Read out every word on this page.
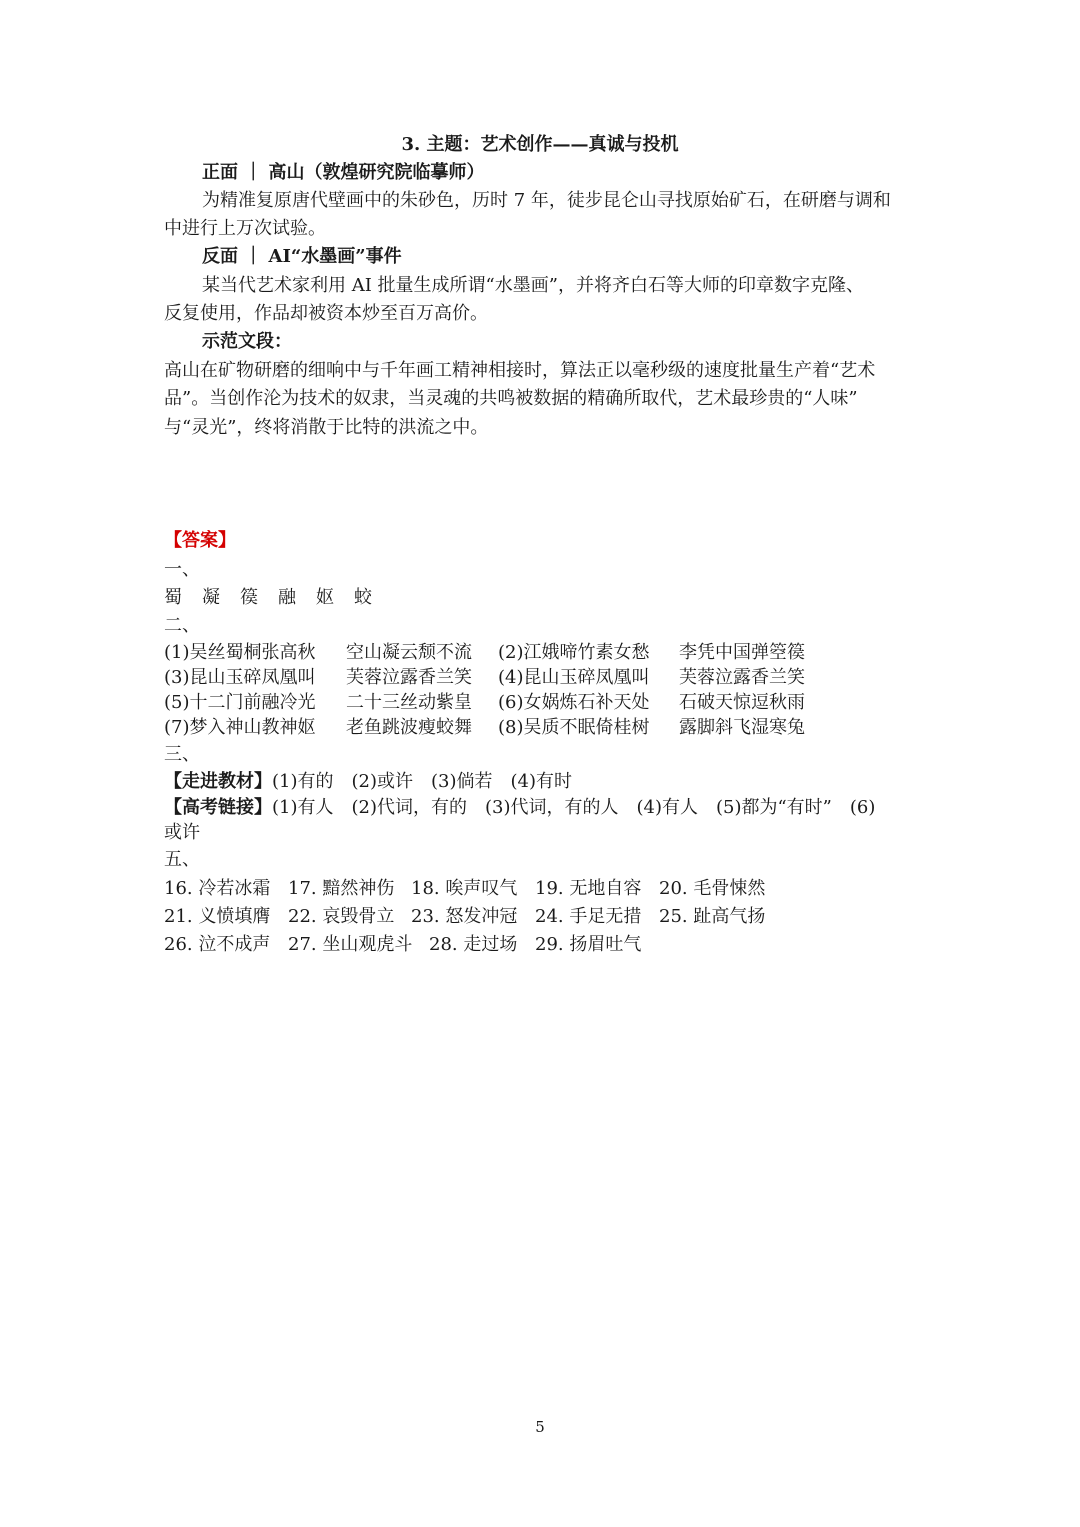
3. 主题：艺术创作——真诚与投机
正面 ｜ 高山（敦煌研究院临摹师）
为精准复原唐代壁画中的朱砂色，历时 7 年，徒步昆仑山寻找原始矿石，在研磨与调和
中进行上万次试验。
反面 ｜ AI“水墨画”事件
某当代艺术家利用 AI 批量生成所谓“水墨画”，并将齐白石等大师的印章数字克隆、
反复使用，作品却被资本炒至百万高价。
示范文段：
高山在矿物研磨的细响中与千年画工精神相接时，算法正以毫秒级的速度批量生产着“艺术
品”。当创作沦为技术的奴隶，当灵魂的共鸣被数据的精确所取代，艺术最珍贵的“人味”
与“灵光”，终将消散于比特的洪流之中。
【答案】
一、
蜀 凝 篌 融 妪 蛟
二、
(1)吴丝蜀桐张高秋 空山凝云颓不流 (2)江娥啼竹素女愁 李凭中国弹箜篌
(3)昆山玉碎凤凰叫 芙蓉泣露香兰笑 (4)昆山玉碎凤凰叫 芙蓉泣露香兰笑
(5)十二门前融冷光 二十三丝动紫皇 (6)女娲炼石补天处 石破天惊逗秋雨
(7)梦入神山教神妪 老鱼跳波瘦蛟舞 (8)吴质不眠倚桂树 露脚斜飞湿寒兔
三、
【走进教材】(1)有的　(2)或许　(3)倘若　(4)有时
【高考链接】(1)有人　(2)代词，有的　(3)代词，有的人　(4)有人　(5)都为“有时”　(6)
或许
五、
16. 冷若冰霜 17. 黯然神伤 18. 唉声叹气 19. 无地自容 20. 毛骨悚然
21. 义愤填膺 22. 哀毁骨立 23. 怒发冲冠 24. 手足无措 25. 趾高气扬
26. 泣不成声 27. 坐山观虎斗 28. 走过场 29. 扬眉吐气
5
